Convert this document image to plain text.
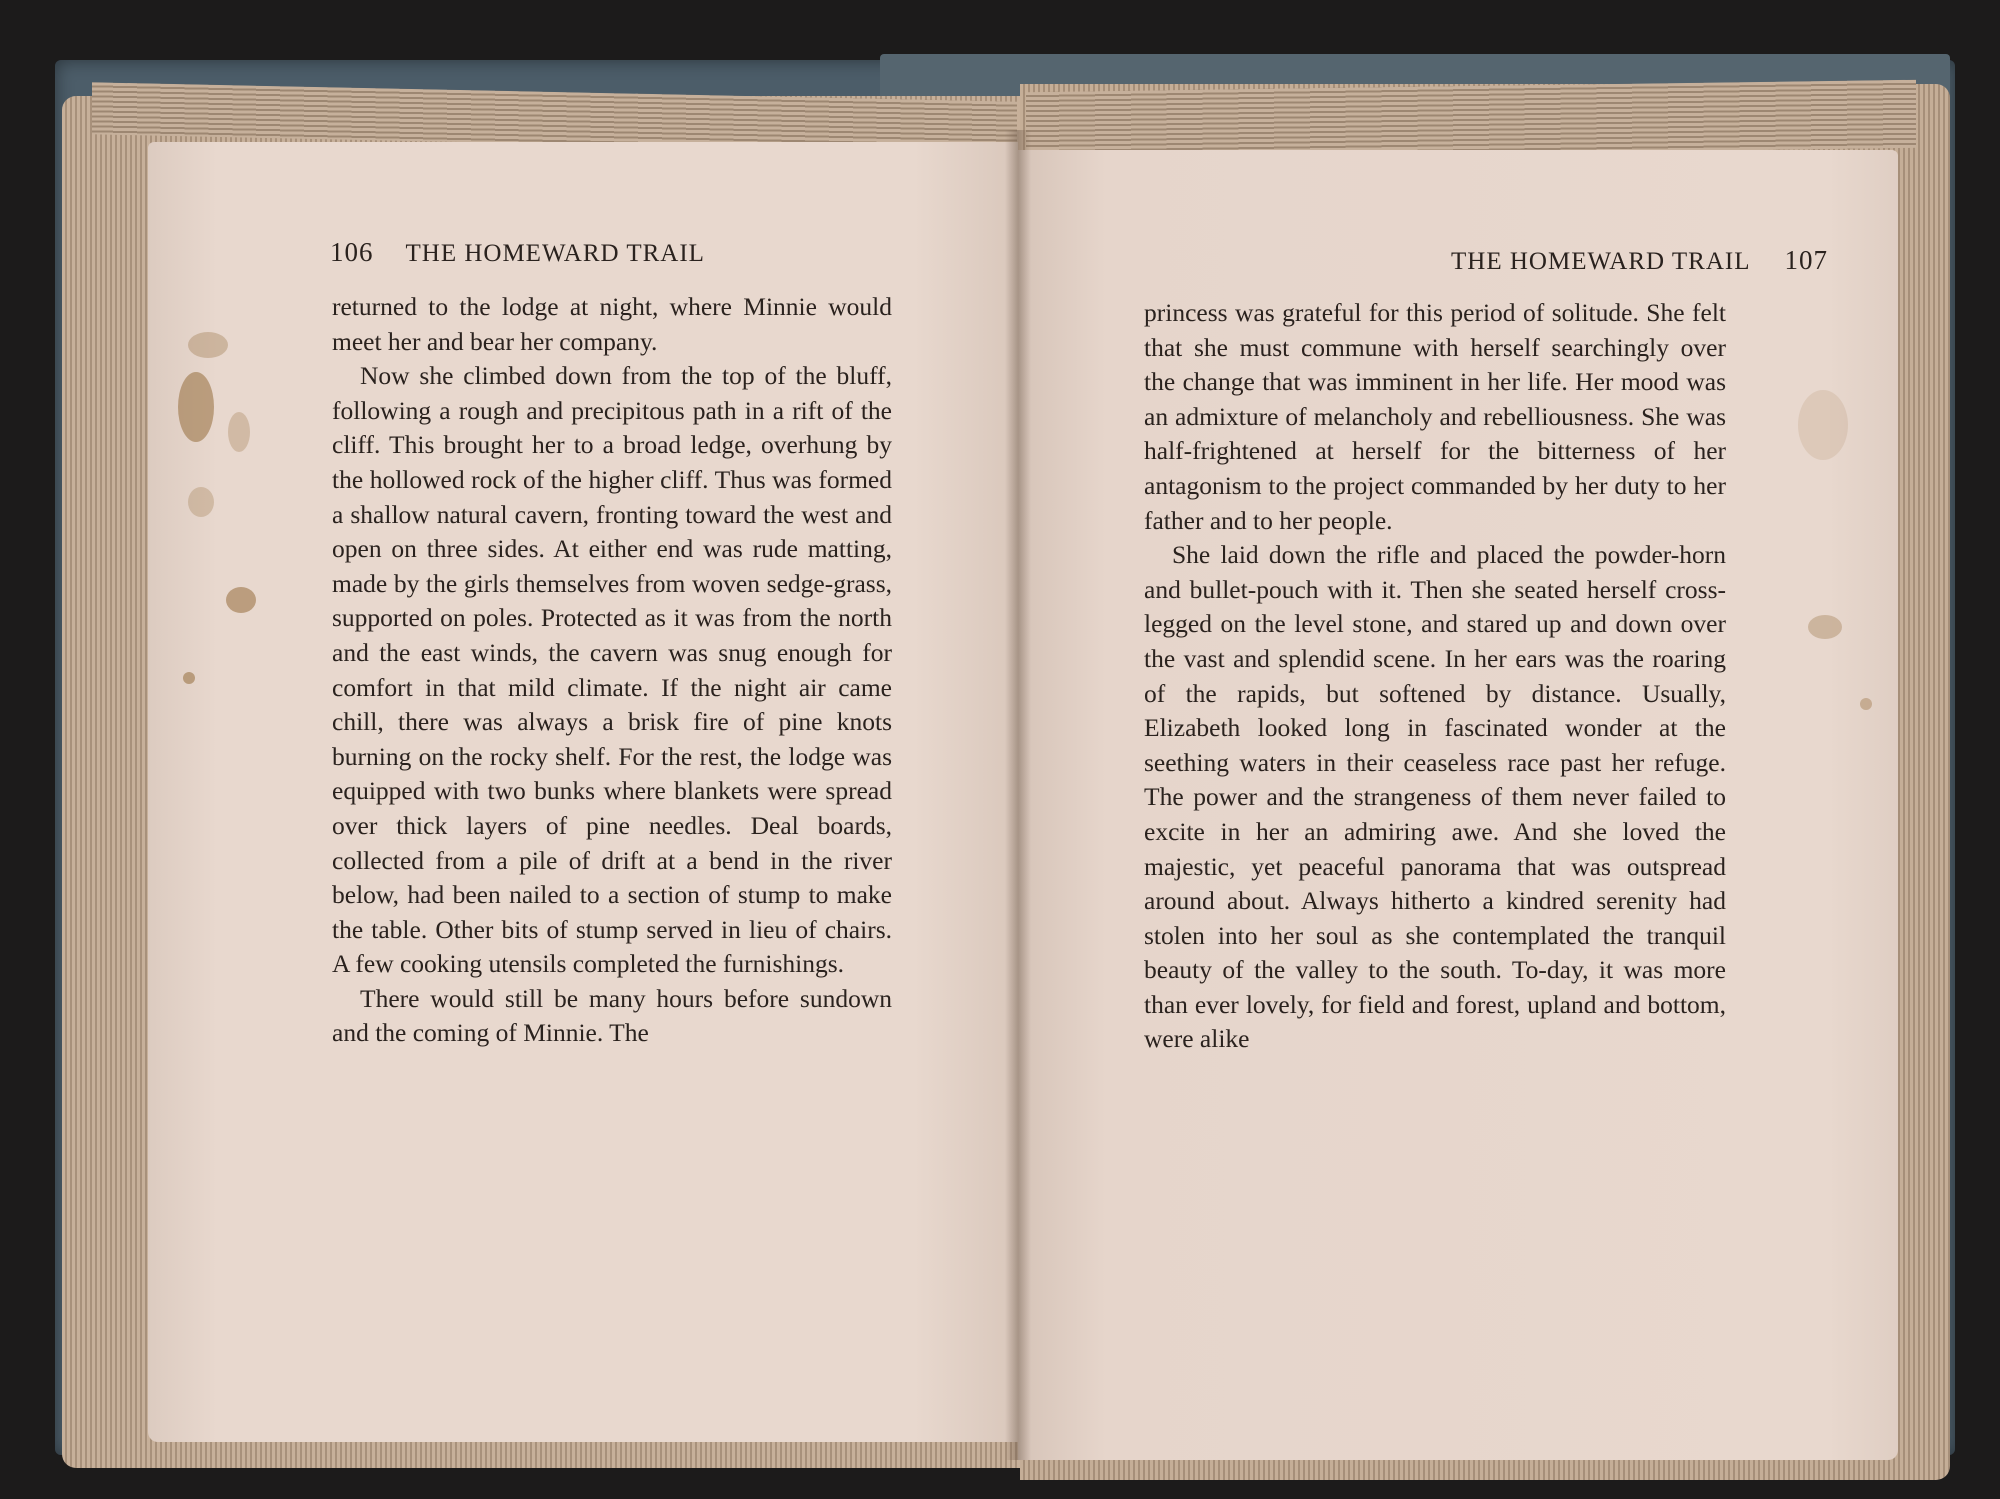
106 THE HOMEWARD TRAIL

returned to the lodge at night, where Minnie would meet her and bear her company.

Now she climbed down from the top of the bluff, following a rough and precipitous path in a rift of the cliff. This brought her to a broad ledge, overhung by the hollowed rock of the higher cliff. Thus was formed a shallow natural cavern, fronting toward the west and open on three sides. At either end was rude matting, made by the girls themselves from woven sedge-grass, supported on poles. Protected as it was from the north and the east winds, the cavern was snug enough for comfort in that mild climate. If the night air came chill, there was always a brisk fire of pine knots burning on the rocky shelf. For the rest, the lodge was equipped with two bunks where blankets were spread over thick layers of pine needles. Deal boards, collected from a pile of drift at a bend in the river below, had been nailed to a section of stump to make the table. Other bits of stump served in lieu of chairs. A few cooking utensils completed the furnishings.

There would still be many hours before sundown and the coming of Minnie. The

THE HOMEWARD TRAIL 107

princess was grateful for this period of solitude. She felt that she must commune with herself searchingly over the change that was imminent in her life. Her mood was an admixture of melancholy and rebelliousness. She was half-frightened at herself for the bitterness of her antagonism to the project commanded by her duty to her father and to her people.

She laid down the rifle and placed the powder-horn and bullet-pouch with it. Then she seated herself cross-legged on the level stone, and stared up and down over the vast and splendid scene. In her ears was the roaring of the rapids, but softened by distance. Usually, Elizabeth looked long in fascinated wonder at the seething waters in their ceaseless race past her refuge. The power and the strangeness of them never failed to excite in her an admiring awe. And she loved the majestic, yet peaceful panorama that was outspread around about. Always hitherto a kindred serenity had stolen into her soul as she contemplated the tranquil beauty of the valley to the south. To-day, it was more than ever lovely, for field and forest, upland and bottom, were alike
